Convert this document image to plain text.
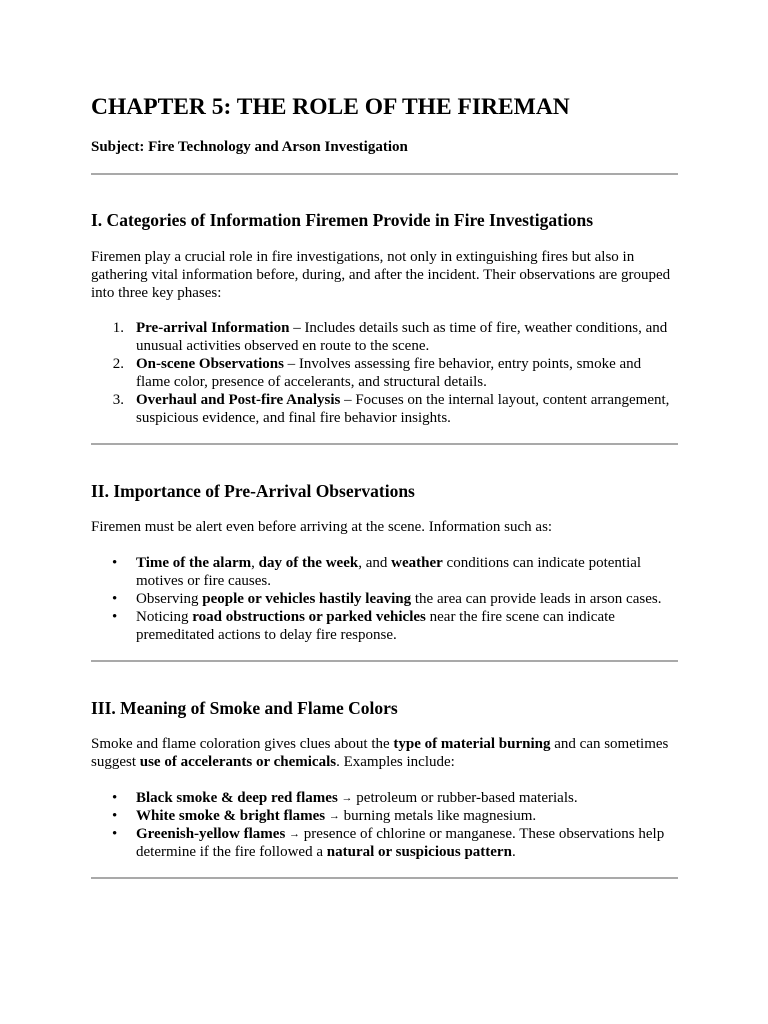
CHAPTER 5: THE ROLE OF THE FIREMAN

Subject: Fire Technology and Arson Investigation

I. Categories of Information Firemen Provide in Fire Investigations

Firemen play a crucial role in fire investigations, not only in extinguishing fires but also in gathering vital information before, during, and after the incident. Their observations are grouped into three key phases:

1. Pre-arrival Information – Includes details such as time of fire, weather conditions, and unusual activities observed en route to the scene.
2. On-scene Observations – Involves assessing fire behavior, entry points, smoke and flame color, presence of accelerants, and structural details.
3. Overhaul and Post-fire Analysis – Focuses on the internal layout, content arrangement, suspicious evidence, and final fire behavior insights.
II. Importance of Pre-Arrival Observations

Firemen must be alert even before arriving at the scene. Information such as:

• Time of the alarm, day of the week, and weather conditions can indicate potential motives or fire causes.
• Observing people or vehicles hastily leaving the area can provide leads in arson cases.
• Noticing road obstructions or parked vehicles near the fire scene can indicate premeditated actions to delay fire response.
III. Meaning of Smoke and Flame Colors

Smoke and flame coloration gives clues about the type of material burning and can sometimes suggest use of accelerants or chemicals. Examples include:

• Black smoke & deep red flames → petroleum or rubber-based materials.
• White smoke & bright flames → burning metals like magnesium.
• Greenish-yellow flames → presence of chlorine or manganese. These observations help determine if the fire followed a natural or suspicious pattern.
